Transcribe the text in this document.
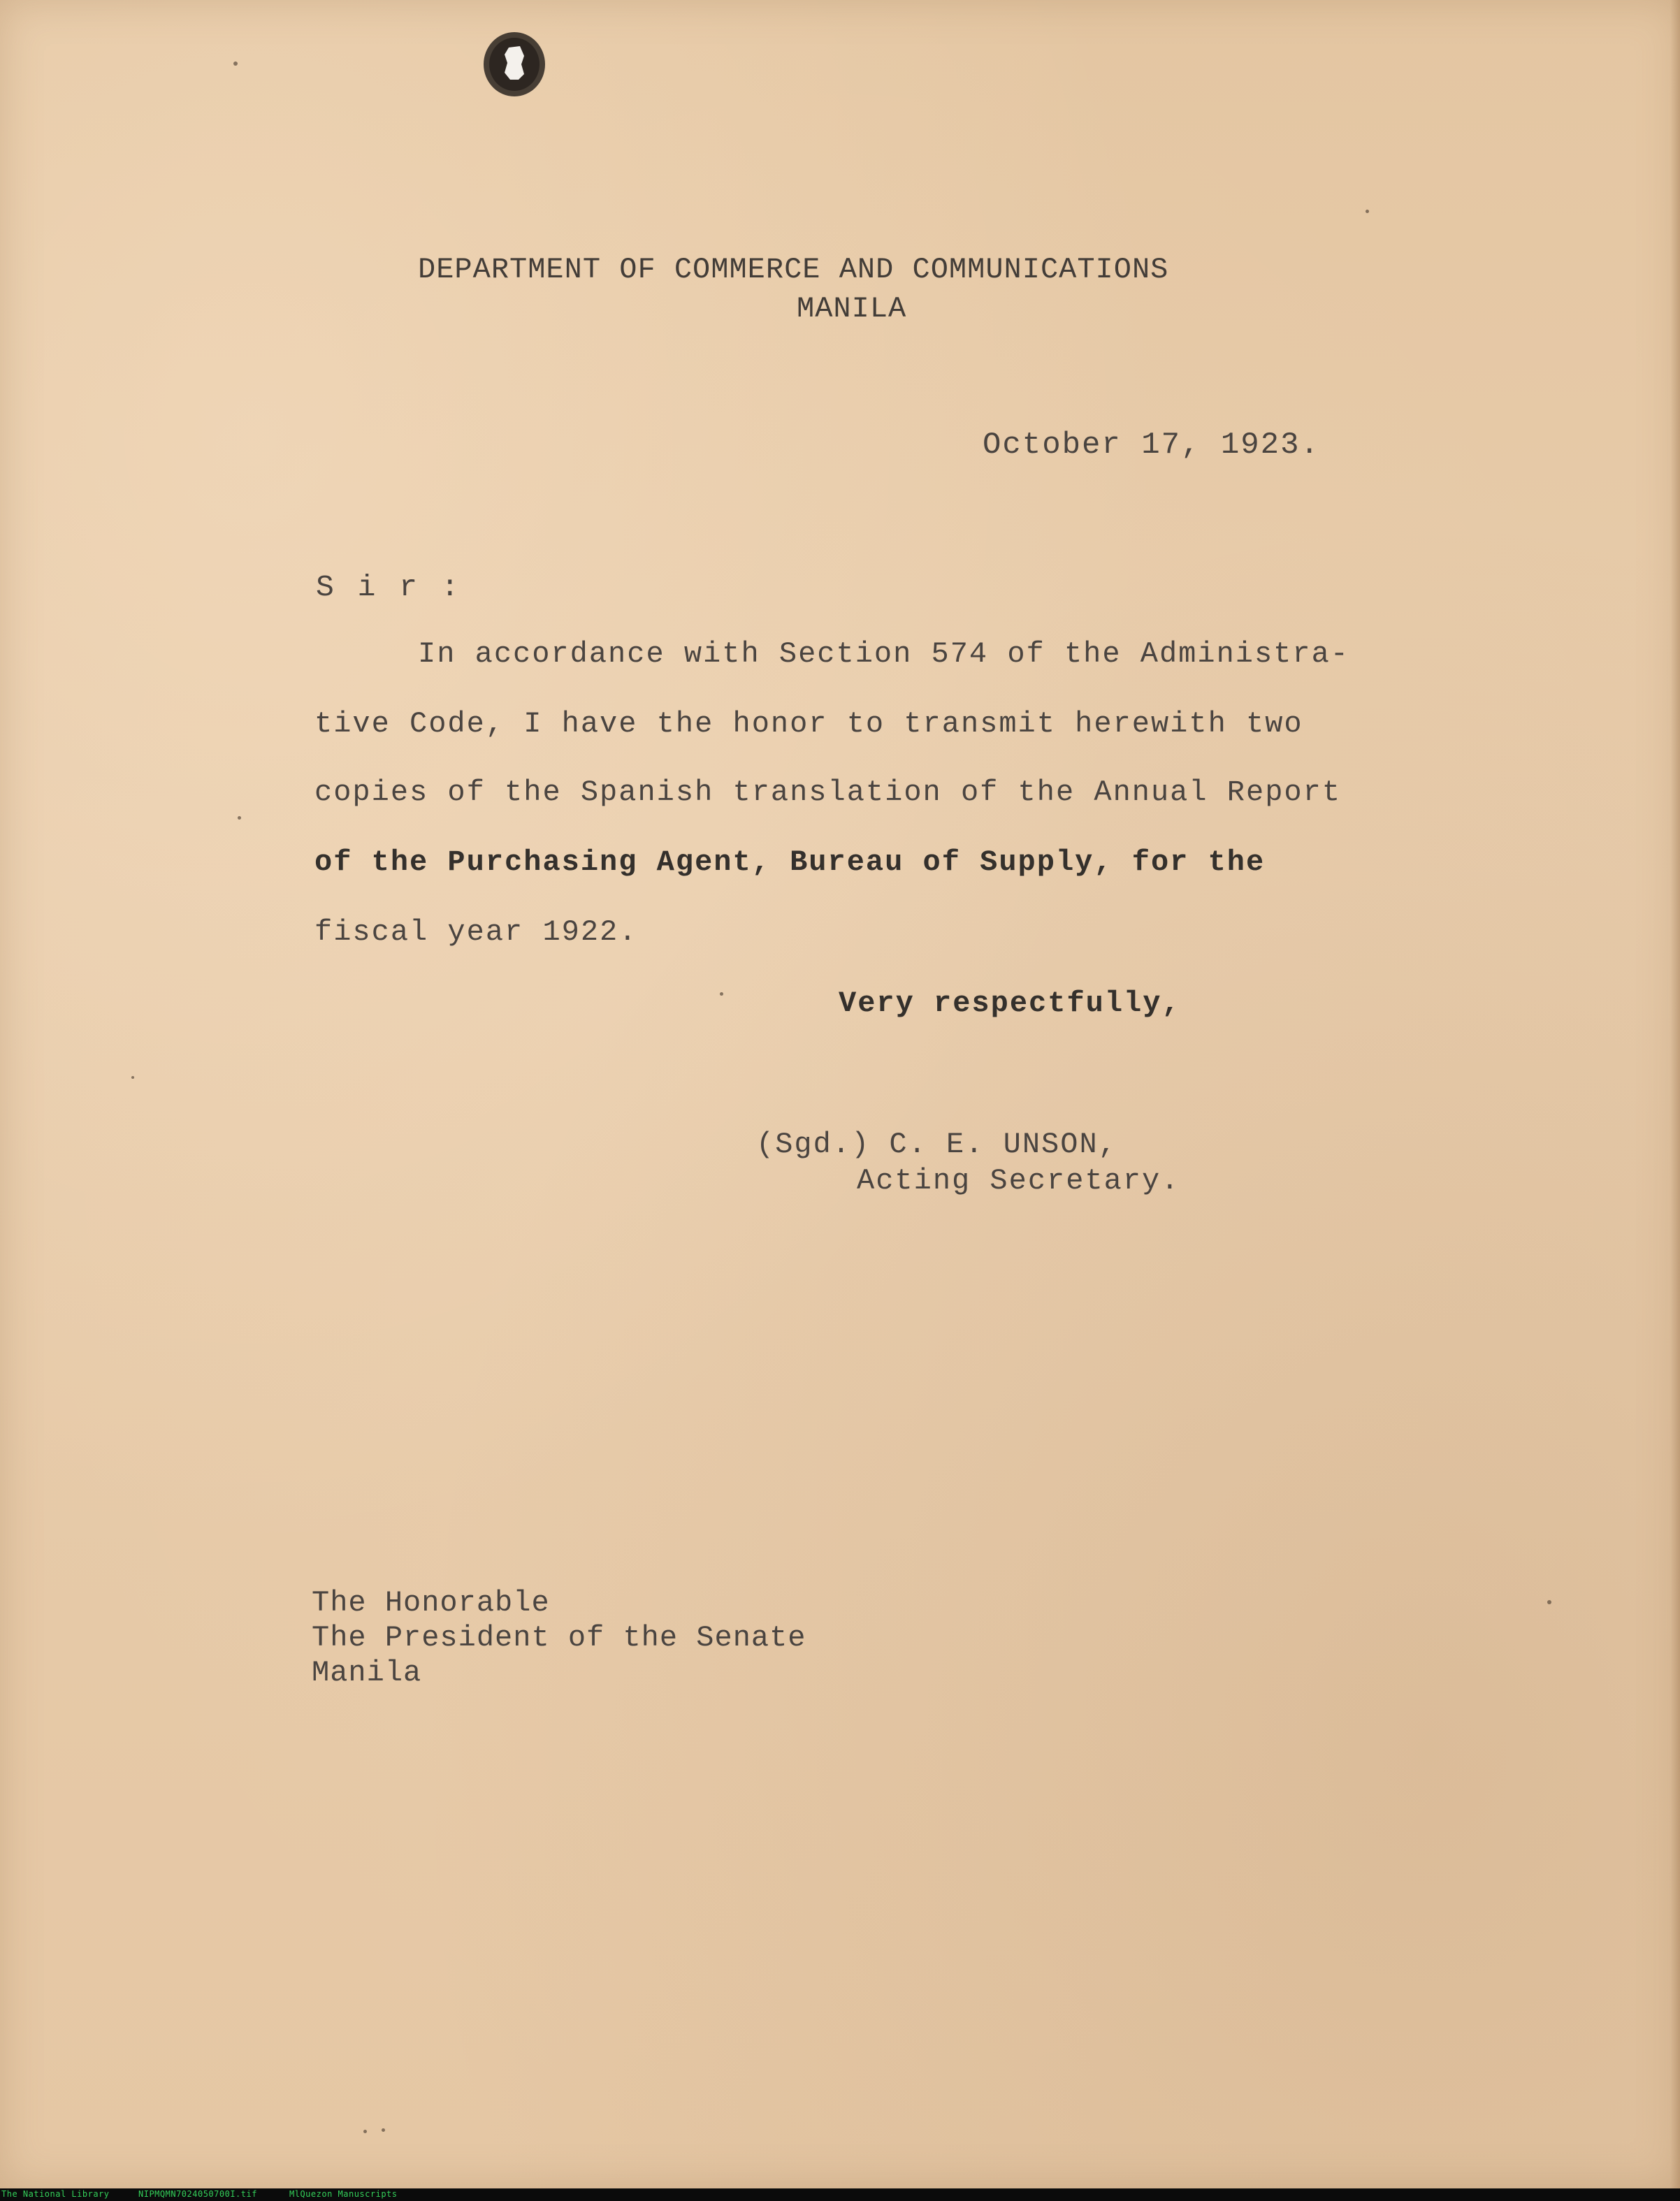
DEPARTMENT OF COMMERCE AND COMMUNICATIONS
MANILA
October 17, 1923.
S i r :
In accordance with Section 574 of the Administra-
tive Code, I have the honor to transmit herewith two
copies of the Spanish translation of the Annual Report
of the Purchasing Agent, Bureau of Supply, for the
fiscal year 1922.
Very respectfully,
(Sgd.) C. E. UNSON,
Acting Secretary.
The Honorable
The President of the Senate
Manila
The National Library	NIPMQMN7024050700I.tif	MlQuezon Manuscripts
